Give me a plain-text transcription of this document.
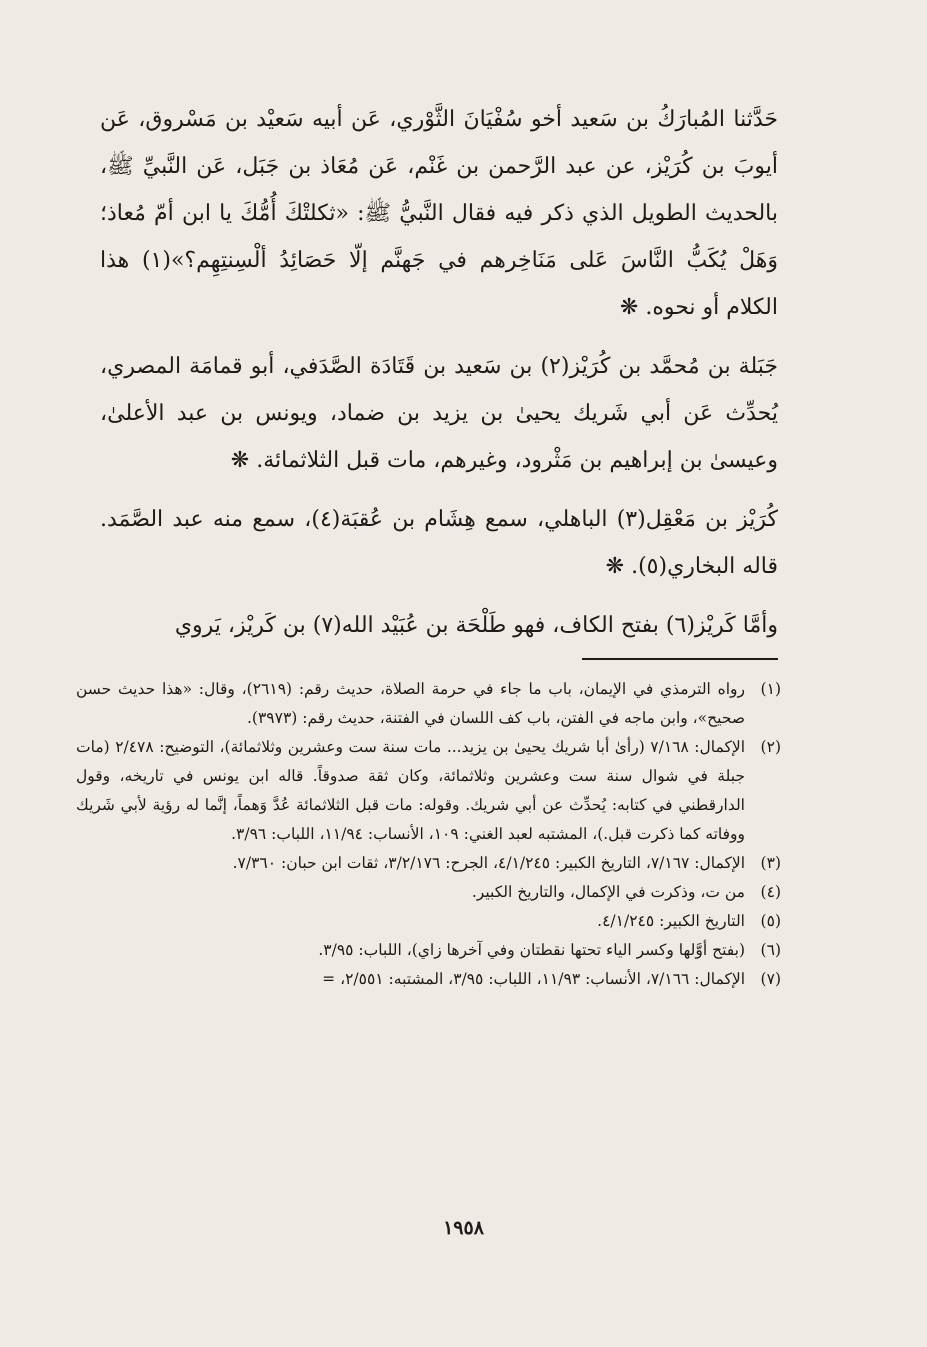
حَدَّثنا المُبارَكُ بن سَعيد أخو سُفْيَانَ الثَّوْري، عَن أبيه سَعيْد بن مَسْروق، عَن أيوبَ بن كُرَيْز، عن عبد الرَّحمن بن غَنْم، عَن مُعَاذ بن جَبَل، عَن النَّبيِّ ﷺ، بالحديث الطويل الذي ذكر فيه فقال النَّبيُّ ﷺ: «ثكلتْكَ أُمُّكَ يا ابن أمّ مُعاذ؛ وَهَلْ يُكَبُّ النَّاسَ عَلى مَنَاخِرهم في جَهنَّم إلّا حَصَائِدُ ألْسِنتِهِم؟»(١) هذا الكلام أو نحوه. ❋

جَبَلة بن مُحمَّد بن كُرَيْز(٢) بن سَعيد بن قَتَادَة الصَّدَفي، أبو قمامَة المصري، يُحدِّث عَن أبي شَريك يحيىٰ بن يزيد بن ضماد، ويونس بن عبد الأعلىٰ، وعيسىٰ بن إبراهيم بن مَثْرود، وغيرهم، مات قبل الثلاثمائة. ❋

كُرَيْز بن مَعْقِل(٣) الباهلي، سمع هِشَام بن عُقبَة(٤)، سمع منه عبد الصَّمَد. قاله البخاري(٥). ❋

وأمَّا كَريْز(٦) بفتح الكاف، فهو طَلْحَة بن عُبَيْد الله(٧) بن كَريْز، يَروي

(١)
رواه الترمذي في الإيمان، باب ما جاء في حرمة الصلاة، حديث رقم: (٢٦١٩)، وقال: «هذا حديث حسن صحيح»، وابن ماجه في الفتن، باب كف اللسان في الفتنة، حديث رقم: (٣٩٧٣).
(٢)
الإكمال: ٧/١٦٨ (رأىٰ أبا شريك يحيىٰ بن يزيد... مات سنة ست وعشرين وثلاثمائة)، التوضيح: ٢/٤٧٨ (مات جبلة في شوال سنة ست وعشرين وثلاثمائة، وكان ثقة صدوقاً. قاله ابن يونس في تاريخه، وقول الدارقطني في كتابه: يُحدِّث عن أبي شريك. وقوله: مات قبل الثلاثمائة عُدَّ وَهماً، إنَّما له رؤية لأبي شَريك ووفاته كما ذكرت قبل.)، المشتبه لعبد الغني: ١٠٩، الأنساب: ١١/٩٤، اللباب: ٣/٩٦.
(٣)
الإكمال: ٧/١٦٧، التاريخ الكبير: ٤/١/٢٤٥، الجرح: ٣/٢/١٧٦، ثقات ابن حبان: ٧/٣٦٠.
(٤)
من ت، وذكرت في الإكمال، والتاريخ الكبير.
(٥)
التاريخ الكبير: ٤/١/٢٤٥.
(٦)
(بفتح أوَّلها وكسر الياء تحتها نقطتان وفي آخرها زاي)، اللباب: ٣/٩٥.
(٧)
الإكمال: ٧/١٦٦، الأنساب: ١١/٩٣، اللباب: ٣/٩٥، المشتبه: ٢/٥٥١، =
١٩٥٨
